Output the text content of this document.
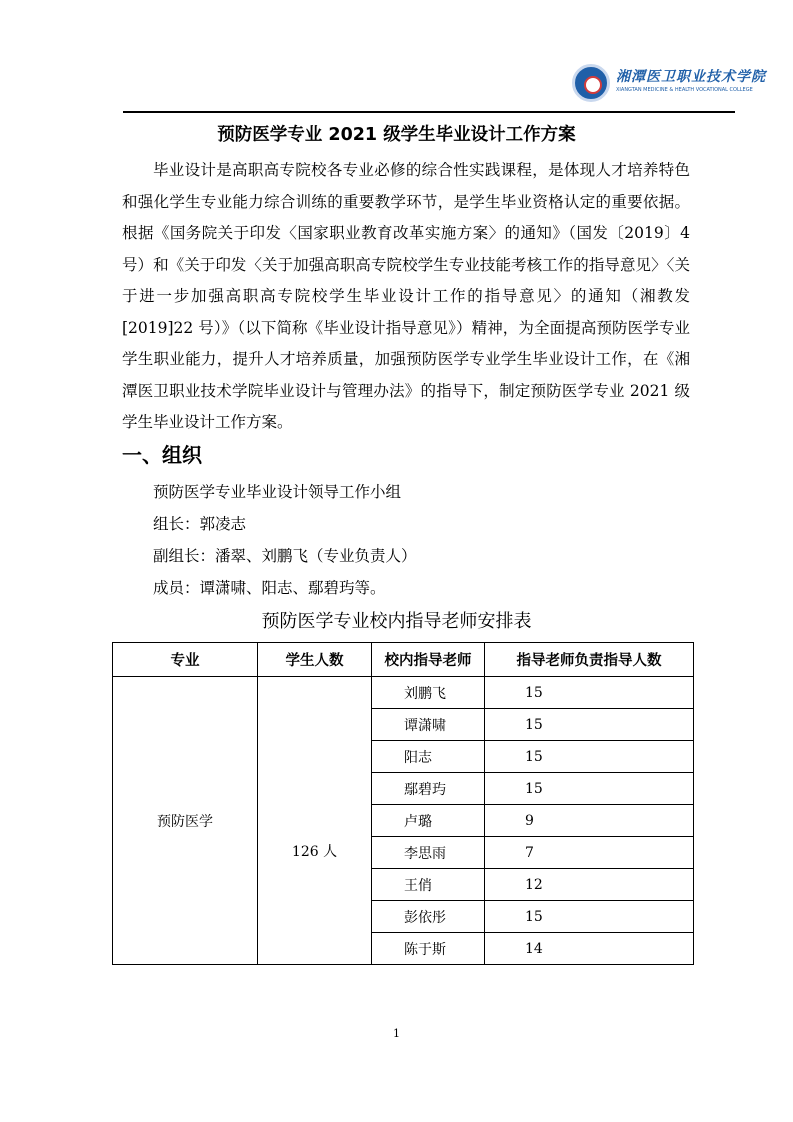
湘潭医卫职业技术学院
XIANGTAN MEDICINE & HEALTH VOCATIONAL COLLEGE
预防医学专业 2021 级学生毕业设计工作方案

毕业设计是高职高专院校各专业必修的综合性实践课程，是体现人才培养特色和强化学生专业能力综合训练的重要教学环节，是学生毕业资格认定的重要依据。根据《国务院关于印发〈国家职业教育改革实施方案〉的通知》（国发〔2019〕4 号）和《关于印发〈关于加强高职高专院校学生专业技能考核工作的指导意见〉〈关于进一步加强高职高专院校学生毕业设计工作的指导意见〉的通知（湘教发[2019]22 号）》（以下简称《毕业设计指导意见》）精神，为全面提高预防医学专业学生职业能力，提升人才培养质量，加强预防医学专业学生毕业设计工作，在《湘潭医卫职业技术学院毕业设计与管理办法》的指导下，制定预防医学专业 2021 级学生毕业设计工作方案。

一、组织
预防医学专业毕业设计领导工作小组
组长：郭凌志
副组长：潘翠、刘鹏飞（专业负责人）
成员：谭潇啸、阳志、鄢碧玙等。
预防医学专业校内指导老师安排表
专业	学生人数	校内指导老师	指导老师负责指导人数
预防医学	126 人	刘鹏飞	15
		谭潇啸	15
		阳志	15
		鄢碧玙	15
		卢璐	9
		李思雨	7
		王俏	12
		彭依彤	15
		陈于斯	14
1
